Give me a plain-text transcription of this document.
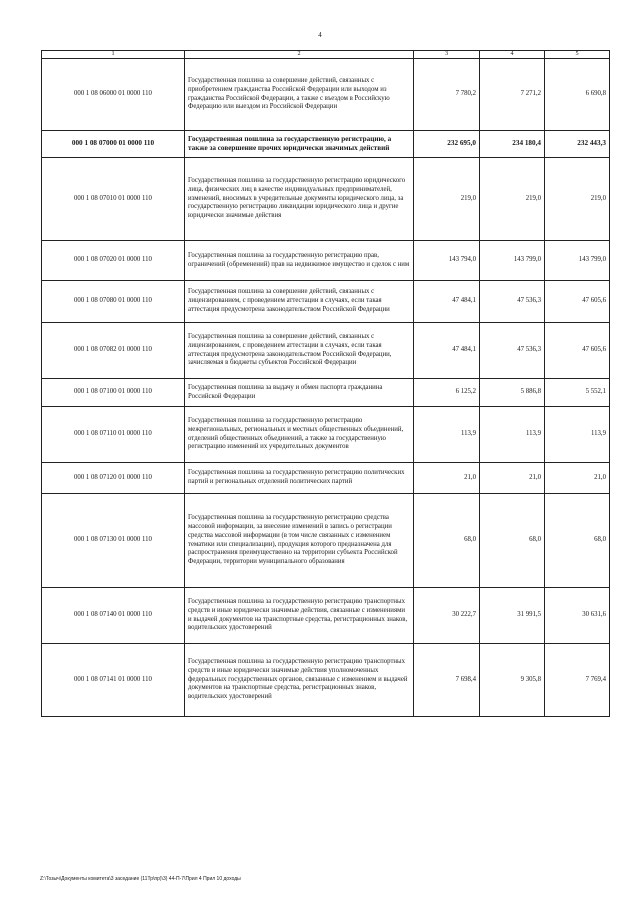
4
1	2	3	4	5
000 1 08 06000 01 0000 110	Государственная пошлина за совершение действий, связанных с приобретением гражданства Российской Федерации или выходом из гражданства Российской Федерации, а также с въездом в Российскую Федерацию или выездом из Российской Федерации	7 780,2	7 271,2	6 690,8
000 1 08 07000 01 0000 110	Государственная пошлина за государственную регистрацию, а также за совершение прочих юридически значимых действий	232 695,0	234 180,4	232 443,3
000 1 08 07010 01 0000 110	Государственная пошлина за государственную регистрацию юридического лица, физических лиц в качестве индивидуальных предпринимателей, изменений, вносимых в учредительные документы юридического лица, за государственную регистрацию ликвидации юридического лица и другие юридически значимые действия	219,0	219,0	219,0
000 1 08 07020 01 0000 110	Государственная пошлина за государственную регистрацию прав, ограничений (обременений) прав на недвижимое имущество и сделок с ним	143 794,0	143 799,0	143 799,0
000 1 08 07080 01 0000 110	Государственная пошлина за совершение действий, связанных с лицензированием, с проведением аттестации в случаях, если такая аттестация предусмотрена законодательством Российской Федерации	47 484,1	47 536,3	47 605,6
000 1 08 07082 01 0000 110	Государственная пошлина за совершение действий, связанных с лицензированием, с проведением аттестации в случаях, если такая аттестация предусмотрена законодательством Российской Федерации, зачисляемая в бюджеты субъектов Российской Федерации	47 484,1	47 536,3	47 605,6
000 1 08 07100 01 0000 110	Государственная пошлина за выдачу и обмен паспорта гражданина Российской Федерации	6 125,2	5 886,8	5 552,1
000 1 08 07110 01 0000 110	Государственная пошлина за государственную регистрацию межрегиональных, региональных и местных общественных объединений, отделений общественных объединений, а также за государственную регистрацию изменений их учредительных документов	113,9	113,9	113,9
000 1 08 07120 01 0000 110	Государственная пошлина за государственную регистрацию политических партий и региональных отделений политических партий	21,0	21,0	21,0
000 1 08 07130 01 0000 110	Государственная пошлина за государственную регистрацию средства массовой информации, за внесение изменений в запись о регистрации средства массовой информации (в том числе связанных с изменением тематики или специализации), продукция которого предназначена для распространения преимущественно на территории субъекта Российской Федерации, территории муниципального образования	68,0	68,0	68,0
000 1 08 07140 01 0000 110	Государственная пошлина за государственную регистрацию транспортных средств и иные юридически значимые действия, связанные с изменениями и выдачей документов на транспортные средства, регистрационных знаков, водительских удостоверений	30 222,7	31 991,5	30 631,6
000 1 08 07141 01 0000 110	Государственная пошлина за государственную регистрацию транспортных средств и иные юридически значимые действия уполномоченных федеральных государственных органов, связанные с изменением и выдачей документов на транспортные средства, регистрационных знаков, водительских удостоверений	7 698,4	9 305,8	7 769,4
Z:\Тозыч\Документы комитета\3 заседание (11Тр\пр)\3) 44-П-7\Прил 4 Прил 10 доходы
